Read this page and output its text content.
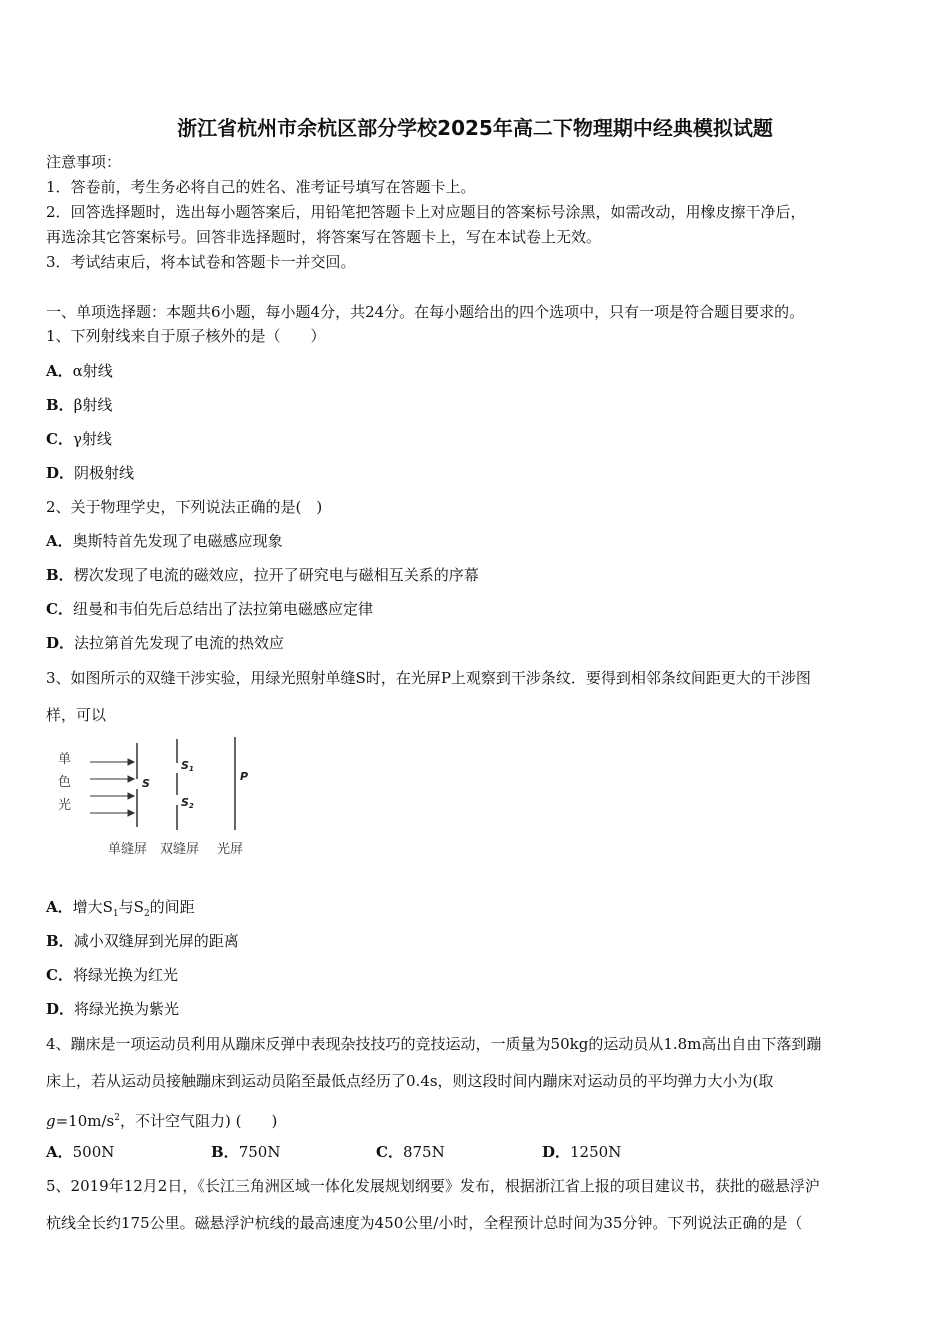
浙江省杭州市余杭区部分学校2025年高二下物理期中经典模拟试题
注意事项：
1．答卷前，考生务必将自己的姓名、准考证号填写在答题卡上。
2．回答选择题时，选出每小题答案后，用铅笔把答题卡上对应题目的答案标号涂黑，如需改动，用橡皮擦干净后，
再选涂其它答案标号。回答非选择题时，将答案写在答题卡上，写在本试卷上无效。
3．考试结束后，将本试卷和答题卡一并交回。
一、单项选择题：本题共6小题，每小题4分，共24分。在每小题给出的四个选项中，只有一项是符合题目要求的。
1、下列射线来自于原子核外的是（　　）
A．α射线
B．β射线
C．γ射线
D．阴极射线
2、关于物理学史，下列说法正确的是(　)
A．奥斯特首先发现了电磁感应现象
B．楞次发现了电流的磁效应，拉开了研究电与磁相互关系的序幕
C．纽曼和韦伯先后总结出了法拉第电磁感应定律
D．法拉第首先发现了电流的热效应
3、如图所示的双缝干涉实验，用绿光照射单缝S时，在光屏P上观察到干涉条纹．要得到相邻条纹间距更大的干涉图
样，可以
单
色
光
S
S1
S2
P
单缝屏 双缝屏 光屏
A．增大$S_1$与$S_2$的间距
B．减小双缝屏到光屏的距离
C．将绿光换为红光
D．将绿光换为紫光
4、蹦床是一项运动员利用从蹦床反弹中表现杂技技巧的竞技运动，一质量为50kg的运动员从1.8m高出自由下落到蹦
床上，若从运动员接触蹦床到运动员陷至最低点经历了0.4s，则这段时间内蹦床对运动员的平均弹力大小为(取
$g=10m/s^2$，不计空气阻力) (　　)
A．500N	B．750N	C．875N	D．1250N
5、2019年12月2日，《长江三角洲区域一体化发展规划纲要》发布，根据浙江省上报的项目建议书，获批的磁悬浮沪
杭线全长约175公里。磁悬浮沪杭线的最高速度为450公里/小时，全程预计总时间为35分钟。下列说法正确的是（
